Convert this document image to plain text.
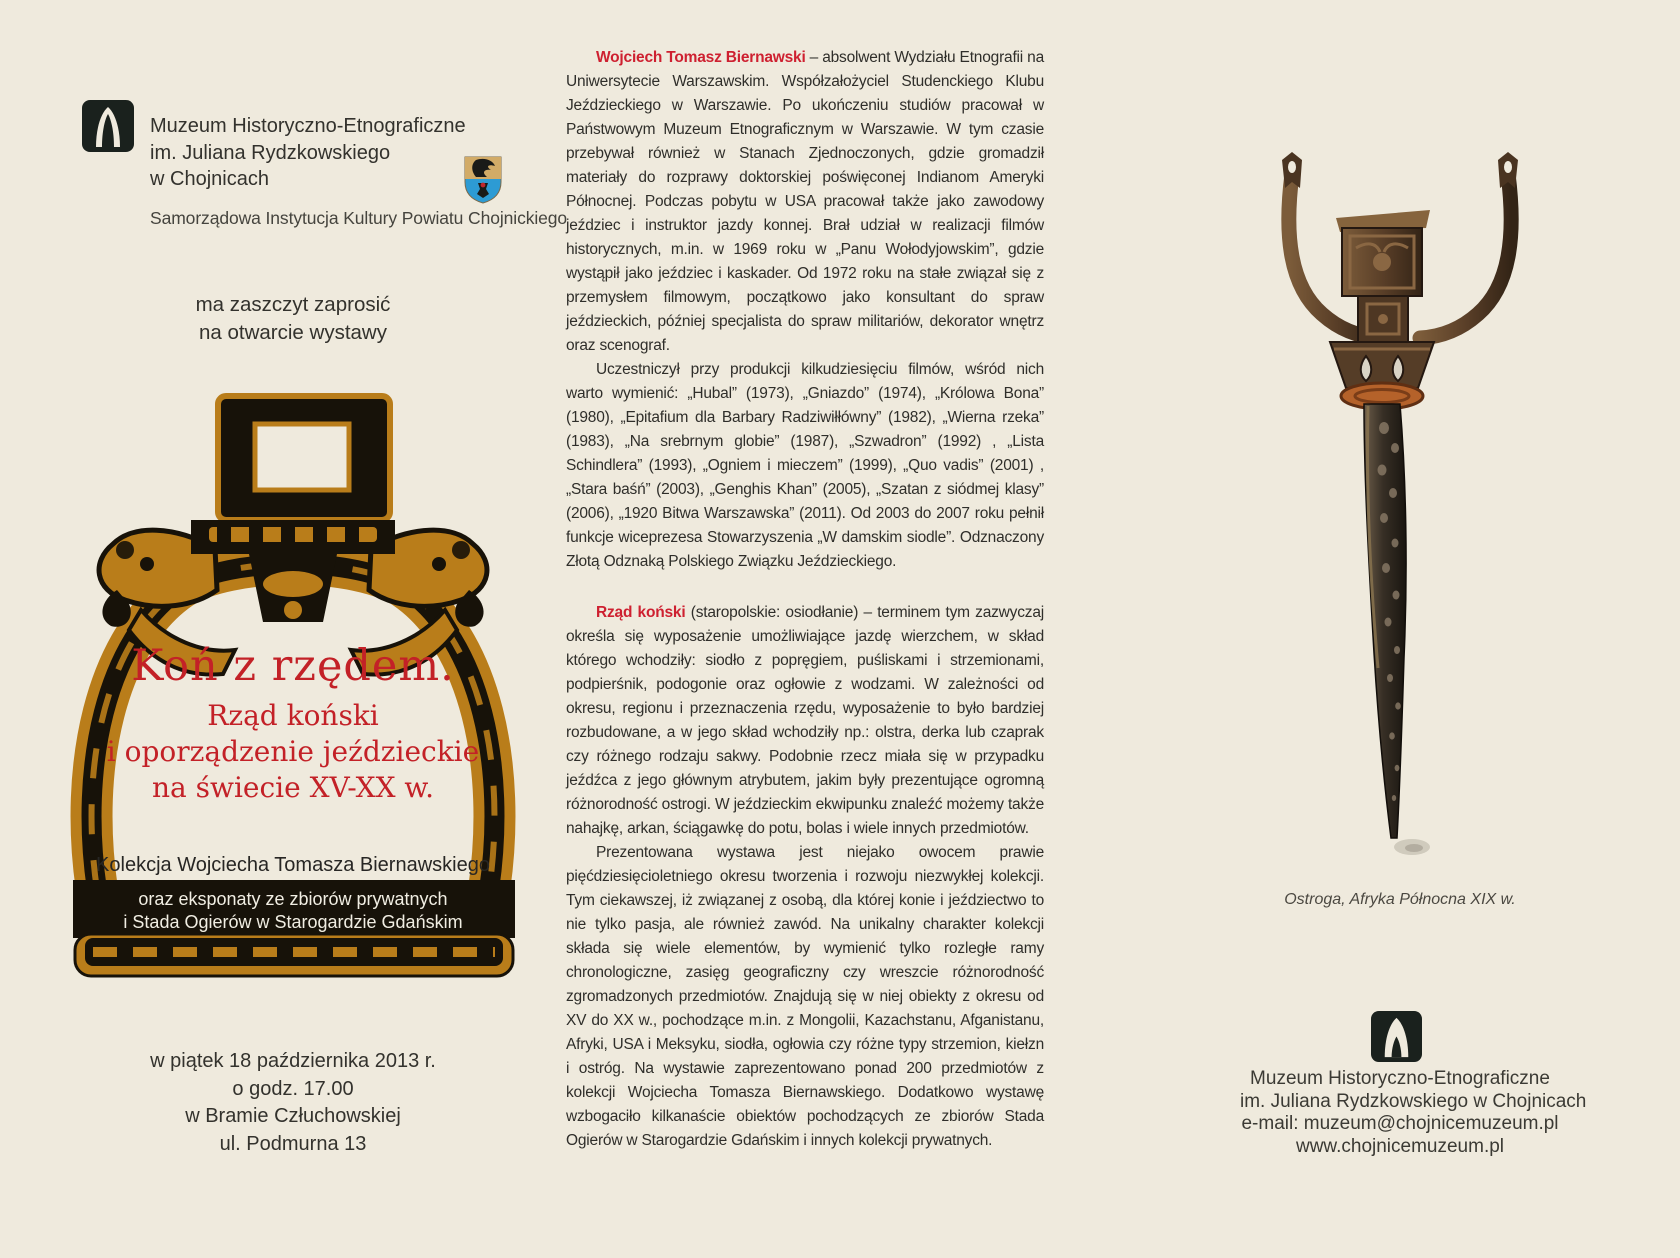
Muzeum Historyczno-Etnograficzne
im. Juliana Rydzkowskiego
w Chojnicach
Samorządowa Instytucja Kultury Powiatu Chojnickiego
ma zaszczyt zaprosić
na otwarcie wystawy
Koń z rzędem.
Rząd koński
i oporządzenie jeździeckie
na świecie XV-XX w.
Kolekcja Wojciecha Tomasza Biernawskiego
oraz eksponaty ze zbiorów prywatnych
i Stada Ogierów w Starogardzie Gdańskim
w piątek 18 października 2013 r.
o godz. 17.00
w Bramie Człuchowskiej
ul. Podmurna 13

Wojciech Tomasz Biernawski – absolwent Wydziału Etnografii na Uniwersytecie Warszawskim. Współzałożyciel Studenckiego Klubu Jeździeckiego w Warszawie. Po ukończeniu studiów pracował w Państwowym Muzeum Etnograficznym w Warszawie. W tym czasie przebywał również w Stanach Zjednoczonych, gdzie gromadził materiały do rozprawy doktorskiej poświęconej Indianom Ameryki Północnej. Podczas pobytu w USA pracował także jako zawodowy jeździec i instruktor jazdy konnej. Brał udział w realizacji filmów historycznych, m.in. w 1969 roku w „Panu Wołodyjowskim”, gdzie wystąpił jako jeździec i kaskader. Od 1972 roku na stałe związał się z przemysłem filmowym, początkowo jako konsultant do spraw jeździeckich, później specjalista do spraw militariów, dekorator wnętrz oraz scenograf.

Uczestniczył przy produkcji kilkudziesięciu filmów, wśród nich warto wymienić: „Hubal” (1973), „Gniazdo” (1974), „Królowa Bona” (1980), „Epitafium dla Barbary Radziwiłłówny” (1982), „Wierna rzeka” (1983), „Na srebrnym globie” (1987), „Szwadron” (1992) , „Lista Schindlera” (1993), „Ogniem i mieczem” (1999), „Quo vadis” (2001) , „Stara baśń” (2003), „Genghis Khan” (2005), „Szatan z siódmej klasy” (2006), „1920 Bitwa Warszawska” (2011). Od 2003 do 2007 roku pełnił funkcje wiceprezesa Stowarzyszenia „W damskim siodle”. Odznaczony Złotą Odznaką Polskiego Związku Jeździeckiego.

Rząd koński (staropolskie: osiodłanie) – terminem tym zazwyczaj określa się wyposażenie umożliwiające jazdę wierzchem, w skład którego wchodziły: siodło z popręgiem, puśliskami i strzemionami, podpierśnik, podogonie oraz ogłowie z wodzami. W zależności od okresu, regionu i przeznaczenia rzędu, wyposażenie to było bardziej rozbudowane, a w jego skład wchodziły np.: olstra, derka lub czaprak czy różnego rodzaju sakwy. Podobnie rzecz miała się w przypadku jeźdźca z jego głównym atrybutem, jakim były prezentujące ogromną różnorodność ostrogi. W jeździeckim ekwipunku znaleźć możemy także nahajkę, arkan, ściągawkę do potu, bolas i wiele innych przedmiotów.

Prezentowana wystawa jest niejako owocem prawie pięćdziesięcioletniego okresu tworzenia i rozwoju niezwykłej kolekcji. Tym ciekawszej, iż związanej z osobą, dla której konie i jeździectwo to nie tylko pasja, ale również zawód. Na unikalny charakter kolekcji składa się wiele elementów, by wymienić tylko rozległe ramy chronologiczne, zasięg geograficzny czy wreszcie różnorodność zgromadzonych przedmiotów. Znajdują się w niej obiekty z okresu od XV do XX w., pochodzące m.in. z Mongolii, Kazachstanu, Afganistanu, Afryki, USA i Meksyku, siodła, ogłowia czy różne typy strzemion, kiełzn i ostróg. Na wystawie zaprezentowano ponad 200 przedmiotów z kolekcji Wojciecha Tomasza Biernawskiego. Dodatkowo wystawę wzbogaciło kilkanaście obiektów pochodzących ze zbiorów Stada Ogierów w Starogardzie Gdańskim i innych kolekcji prywatnych.

Ostroga, Afryka Północna XIX w.
Muzeum Historyczno-Etnograficzne
im. Juliana Rydzkowskiego w Chojnicach
e-mail: muzeum@chojnicemuzeum.pl
www.chojnicemuzeum.pl
